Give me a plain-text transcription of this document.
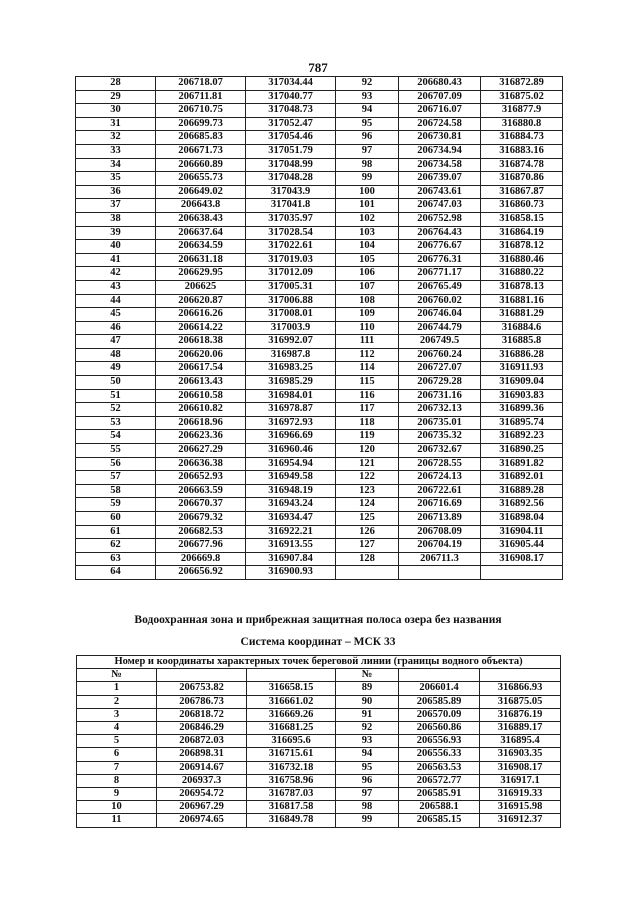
787
28	206718.07	317034.44	92	206680.43	316872.89
29	206711.81	317040.77	93	206707.09	316875.02
30	206710.75	317048.73	94	206716.07	316877.9
31	206699.73	317052.47	95	206724.58	316880.8
32	206685.83	317054.46	96	206730.81	316884.73
33	206671.73	317051.79	97	206734.94	316883.16
34	206660.89	317048.99	98	206734.58	316874.78
35	206655.73	317048.28	99	206739.07	316870.86
36	206649.02	317043.9	100	206743.61	316867.87
37	206643.8	317041.8	101	206747.03	316860.73
38	206638.43	317035.97	102	206752.98	316858.15
39	206637.64	317028.54	103	206764.43	316864.19
40	206634.59	317022.61	104	206776.67	316878.12
41	206631.18	317019.03	105	206776.31	316880.46
42	206629.95	317012.09	106	206771.17	316880.22
43	206625	317005.31	107	206765.49	316878.13
44	206620.87	317006.88	108	206760.02	316881.16
45	206616.26	317008.01	109	206746.04	316881.29
46	206614.22	317003.9	110	206744.79	316884.6
47	206618.38	316992.07	111	206749.5	316885.8
48	206620.06	316987.8	112	206760.24	316886.28
49	206617.54	316983.25	114	206727.07	316911.93
50	206613.43	316985.29	115	206729.28	316909.04
51	206610.58	316984.01	116	206731.16	316903.83
52	206610.82	316978.87	117	206732.13	316899.36
53	206618.96	316972.93	118	206735.01	316895.74
54	206623.36	316966.69	119	206735.32	316892.23
55	206627.29	316960.46	120	206732.67	316890.25
56	206636.38	316954.94	121	206728.55	316891.82
57	206652.93	316949.58	122	206724.13	316892.01
58	206663.59	316948.19	123	206722.61	316889.28
59	206670.37	316943.24	124	206716.69	316892.56
60	206679.32	316934.47	125	206713.89	316898.04
61	206682.53	316922.21	126	206708.09	316904.11
62	206677.96	316913.55	127	206704.19	316905.44
63	206669.8	316907.84	128	206711.3	316908.17
64	206656.92	316900.93			
Водоохранная зона и прибрежная защитная полоса озера без названия
Система координат – МСК 33
Номер и координаты характерных точек береговой линии (границы водного объекта)					
№			№		
1	206753.82	316658.15	89	206601.4	316866.93
2	206786.73	316661.02	90	206585.89	316875.05
3	206818.72	316669.26	91	206570.09	316876.19
4	206846.29	316681.25	92	206560.86	316889.17
5	206872.03	316695.6	93	206556.93	316895.4
6	206898.31	316715.61	94	206556.33	316903.35
7	206914.67	316732.18	95	206563.53	316908.17
8	206937.3	316758.96	96	206572.77	316917.1
9	206954.72	316787.03	97	206585.91	316919.33
10	206967.29	316817.58	98	206588.1	316915.98
11	206974.65	316849.78	99	206585.15	316912.37
